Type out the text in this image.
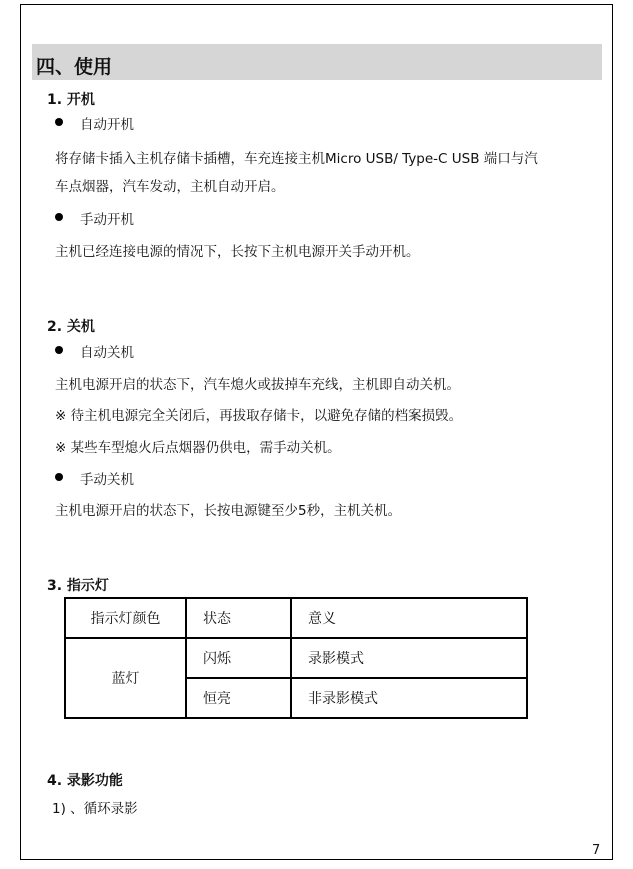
四、使用
1. 开机
自动开机
将存储卡插入主机存储卡插槽，车充连接主机Micro USB/ Type-C USB 端口与汽
车点烟器，汽车发动，主机自动开启。
手动开机
主机已经连接电源的情况下，长按下主机电源开关手动开机。
2. 关机
自动关机
主机电源开启的状态下，汽车熄火或拔掉车充线，主机即自动关机。
※ 待主机电源完全关闭后，再拔取存储卡，以避免存储的档案损毁。
※ 某些车型熄火后点烟器仍供电，需手动关机。
手动关机
主机电源开启的状态下，长按电源键至少5秒，主机关机。
3. 指示灯
指示灯颜色	状态	意义
蓝灯	闪烁	录影模式
	恒亮	非录影模式
4. 录影功能
1) 、循环录影
7
